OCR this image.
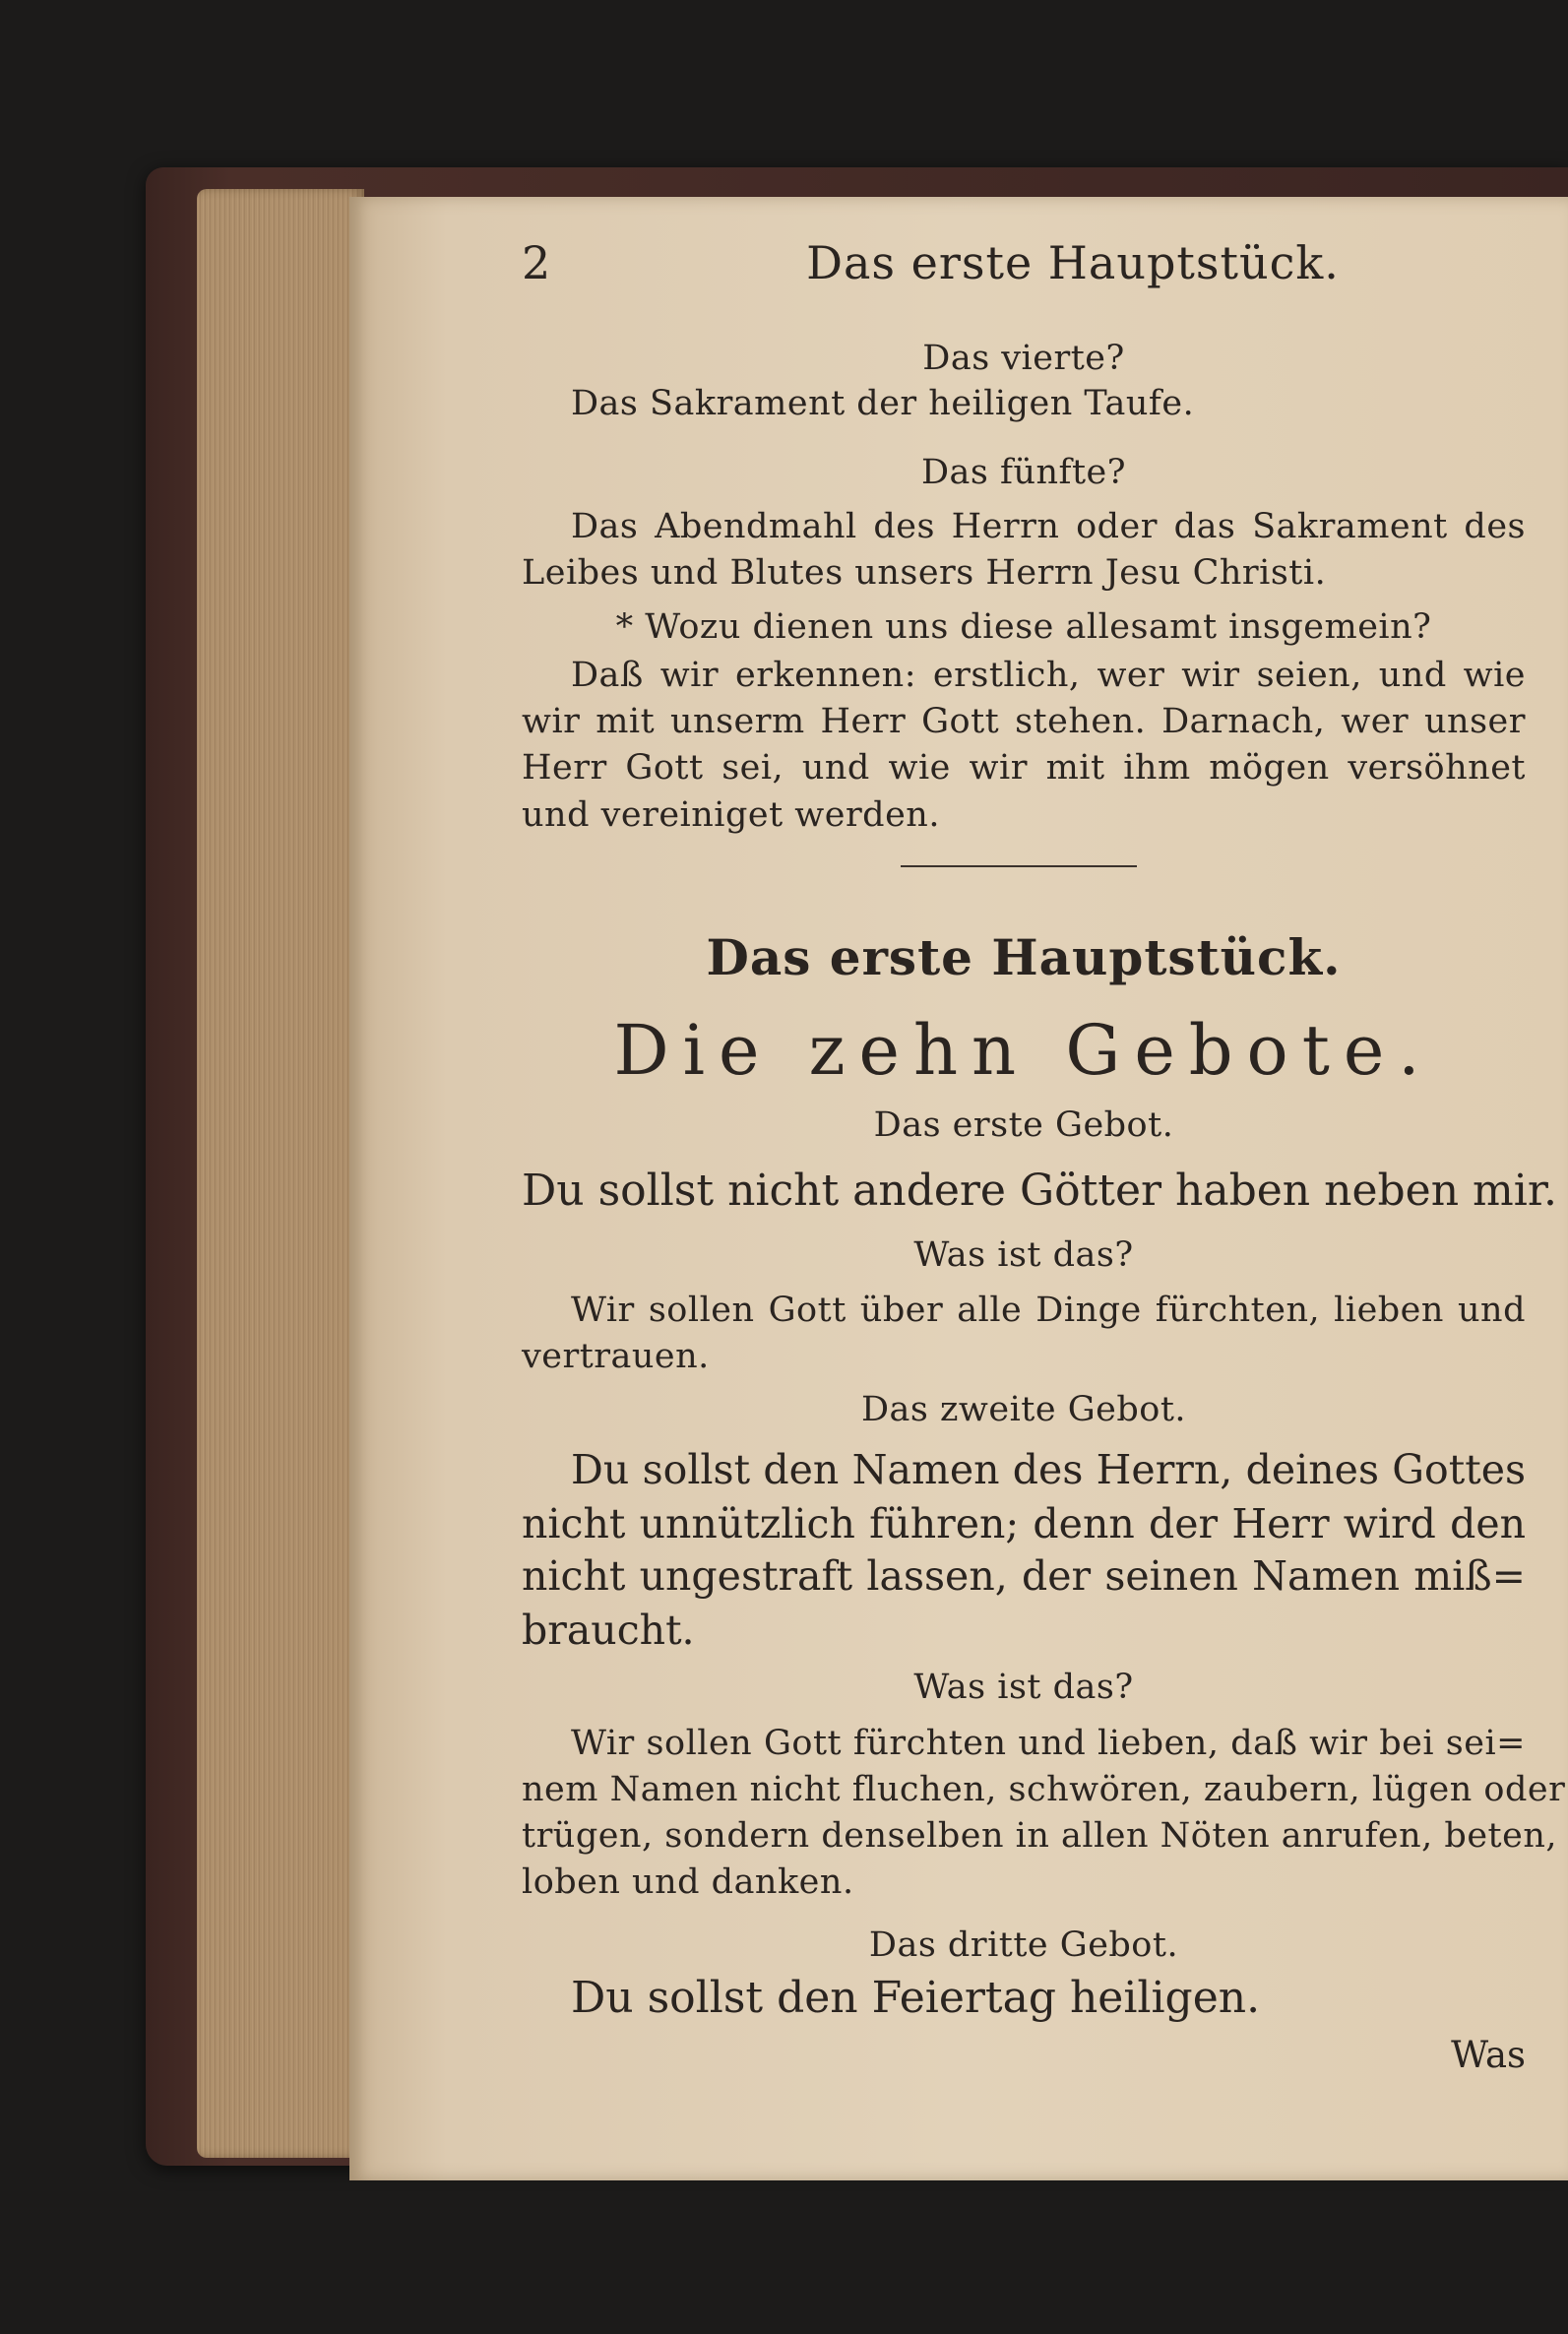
2	Das erste Hauptstück.
Das vierte?
Das Sakrament der heiligen Taufe.
Das fünfte?
Das Abendmahl des Herrn oder das Sakrament des
Leibes und Blutes unsers Herrn Jesu Christi.
* Wozu dienen uns diese allesamt insgemein?
Daß wir erkennen: erstlich, wer wir seien, und wie
wir mit unserm Herr Gott stehen. Darnach, wer unser
Herr Gott sei, und wie wir mit ihm mögen versöhnet
und vereiniget werden.
Das erste Hauptstück.
Die zehn Gebote.
Das erste Gebot.
Du sollst nicht andere Götter haben neben mir.
Was ist das?
Wir sollen Gott über alle Dinge fürchten, lieben und
vertrauen.
Das zweite Gebot.
Du sollst den Namen des Herrn, deines Gottes
nicht unnützlich führen; denn der Herr wird den
nicht ungestraft lassen, der seinen Namen miß=
braucht.
Was ist das?
Wir sollen Gott fürchten und lieben, daß wir bei sei=
nem Namen nicht fluchen, schwören, zaubern, lügen oder
trügen, sondern denselben in allen Nöten anrufen, beten,
loben und danken.
Das dritte Gebot.
Du sollst den Feiertag heiligen.
Was
